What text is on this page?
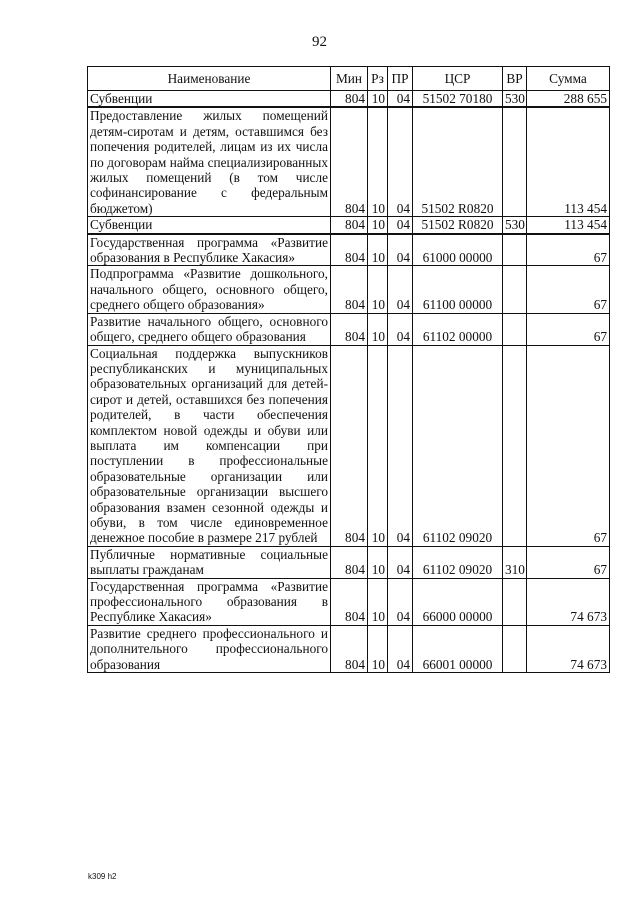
92
Наименование	Мин	Рз	ПР	ЦСР	ВР	Сумма
Субвенции	804	10	04	51502 70180	530	288 655
Предоставление жилых помещений детям-сиротам и детям, оставшимся без попечения родителей, лицам из их числа по договорам найма специализированных жилых помещений (в том числе софинансирование с федеральным бюджетом)	804	10	04	51502 R0820		113 454
Субвенции	804	10	04	51502 R0820	530	113 454
Государственная программа «Развитие образования в Республике Хакасия»	804	10	04	61000 00000		67
Подпрограмма «Развитие дошкольного, начального общего, основного общего, среднего общего образования»	804	10	04	61100 00000		67
Развитие начального общего, основного общего, среднего общего образования	804	10	04	61102 00000		67
Социальная поддержка выпускников республиканских и муниципальных образовательных организаций для детей-сирот и детей, оставшихся без попечения родителей, в части обеспечения комплектом новой одежды и обуви или выплата им компенсации при поступлении в профессиональные образовательные организации или образовательные организации высшего образования взамен сезонной одежды и обуви, в том числе единовременное денежное пособие в размере 217 рублей	804	10	04	61102 09020		67
Публичные нормативные социальные выплаты гражданам	804	10	04	61102 09020	310	67
Государственная программа «Развитие профессионального образования в Республике Хакасия»	804	10	04	66000 00000		74 673
Развитие среднего профессионального и дополнительного профессионального образования	804	10	04	66001 00000		74 673
k309 h2
